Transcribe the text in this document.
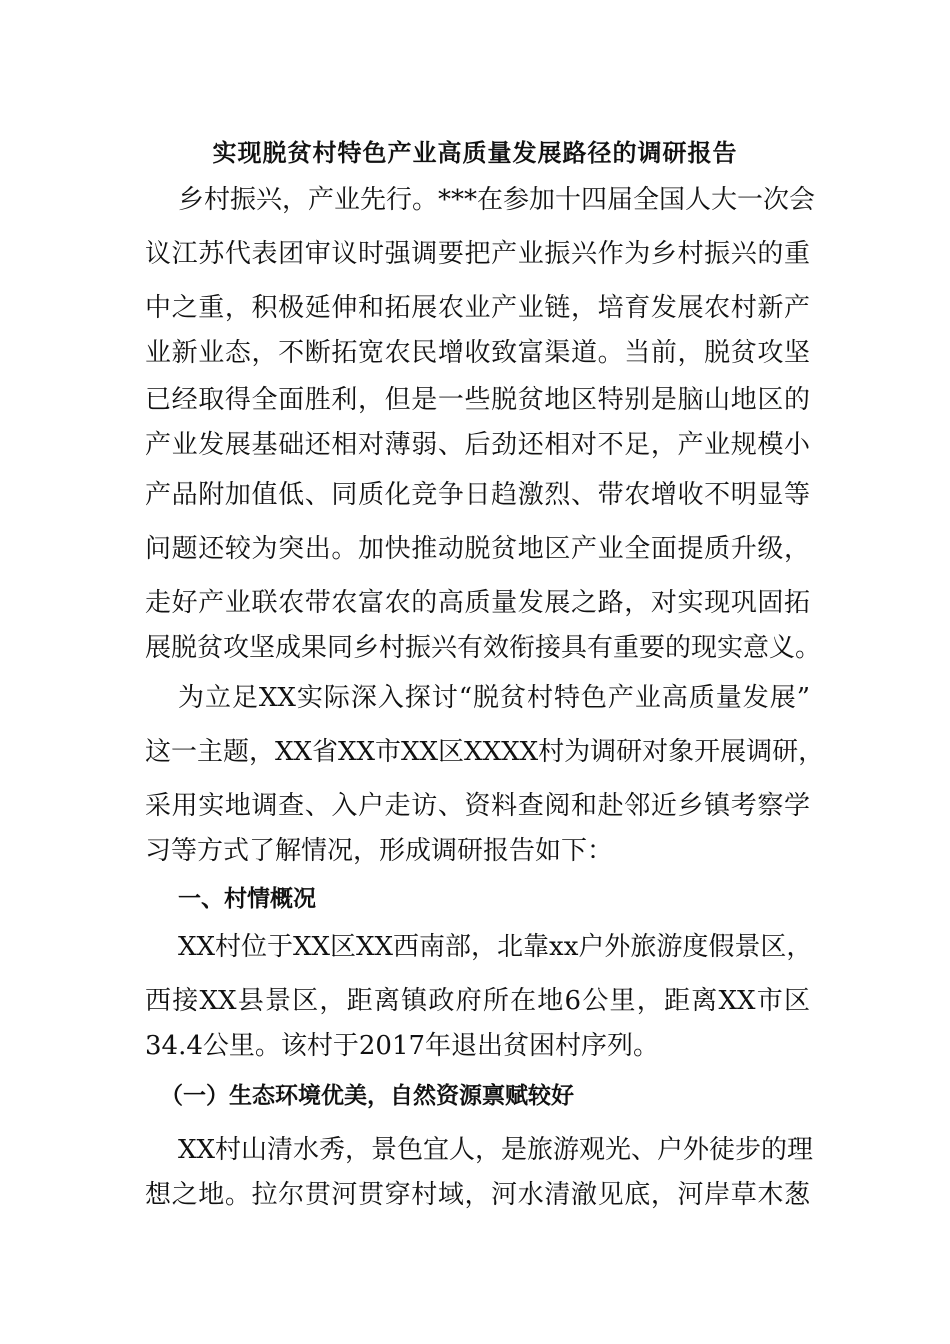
实现脱贫村特色产业高质量发展路径的调研报告
乡村振兴，产业先行。***在参加十四届全国人大一次会
议江苏代表团审议时强调要把产业振兴作为乡村振兴的重
中之重，积极延伸和拓展农业产业链，培育发展农村新产
业新业态，不断拓宽农民增收致富渠道。当前，脱贫攻坚
已经取得全面胜利，但是一些脱贫地区特别是脑山地区的
产业发展基础还相对薄弱、后劲还相对不足，产业规模小
产品附加值低、同质化竞争日趋激烈、带农增收不明显等
问题还较为突出。加快推动脱贫地区产业全面提质升级，
走好产业联农带农富农的高质量发展之路，对实现巩固拓
展脱贫攻坚成果同乡村振兴有效衔接具有重要的现实意义。
为立足XX实际深入探讨“脱贫村特色产业高质量发展”
这一主题，XX省XX市XX区XXXX村为调研对象开展调研，
采用实地调查、入户走访、资料查阅和赴邻近乡镇考察学
习等方式了解情况，形成调研报告如下：
一、村情概况
XX村位于XX区XX西南部，北靠xx户外旅游度假景区，
西接XX县景区，距离镇政府所在地6公里，距离XX市区
34.4公里。该村于2017年退出贫困村序列。
（一）生态环境优美，自然资源禀赋较好
XX村山清水秀，景色宜人，是旅游观光、户外徒步的理
想之地。拉尔贯河贯穿村域，河水清澈见底，河岸草木葱
